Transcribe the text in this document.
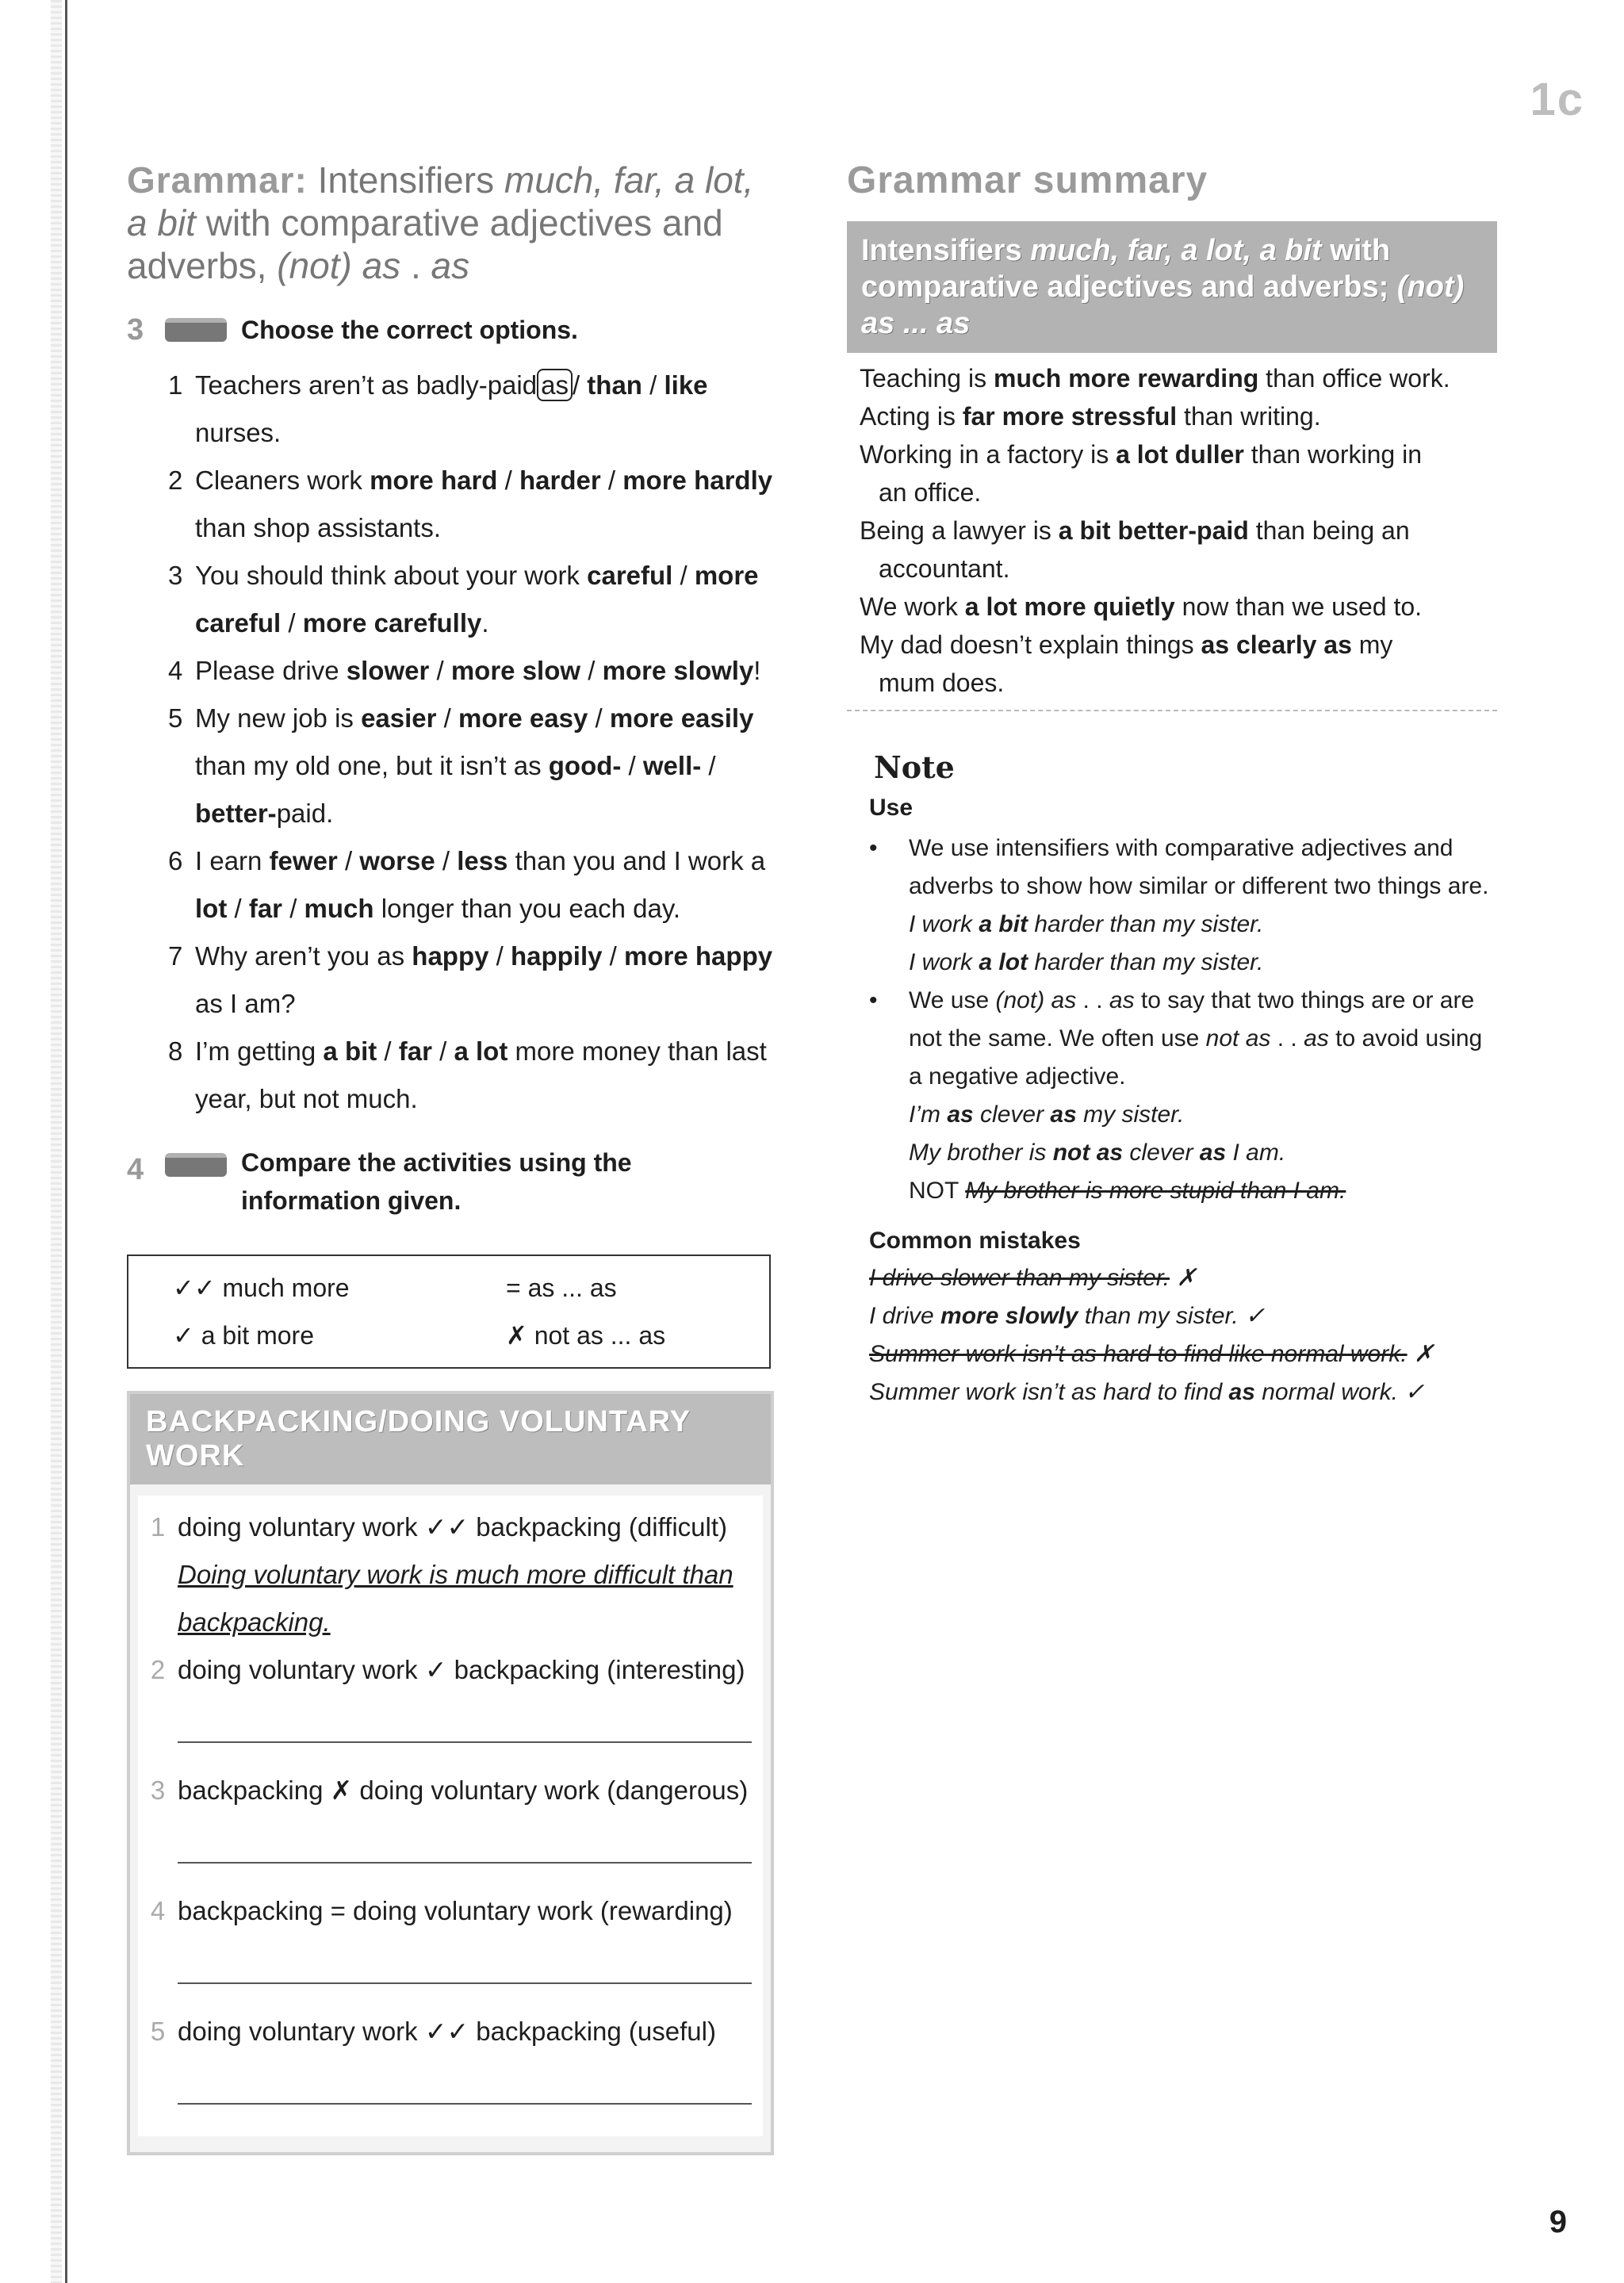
1c
Grammar: Intensifiers much, far, a lot,
a bit with comparative adjectives and adverbs, (not) as . as
3	Choose the correct options.
1 Teachers aren’t as badly-paid as / than / like nurses.
2 Cleaners work more hard / harder / more hardly than shop assistants.
3 You should think about your work careful / more careful / more carefully.
4 Please drive slower / more slow / more slowly!
5 My new job is easier / more easy / more easily than my old one, but it isn’t as good- / well- / better-paid.
6 I earn fewer / worse / less than you and I work a lot / far / much longer than you each day.
7 Why aren’t you as happy / happily / more happy as I am?
8 I’m getting a bit / far / a lot more money than last year, but not much.
4	Compare the activities using the information given.
✓✓ much more	= as ... as
✓ a bit more	✗ not as ... as
BACKPACKING/DOING VOLUNTARY WORK
1 doing voluntary work ✓✓ backpacking (difficult)
Doing voluntary work is much more difficult than backpacking.
2 doing voluntary work ✓ backpacking (interesting)
3 backpacking ✗ doing voluntary work (dangerous)
4 backpacking = doing voluntary work (rewarding)
5 doing voluntary work ✓✓ backpacking (useful)
Grammar summary
Intensifiers much, far, a lot, a bit with comparative adjectives and adverbs; (not) as ... as

Teaching is much more rewarding than office work.

Acting is far more stressful than writing.

Working in a factory is a lot duller than working in

an office.

Being a lawyer is a bit better-paid than being an

accountant.

We work a lot more quietly now than we used to.

My dad doesn’t explain things as clearly as my

mum does.

Note
Use
•	We use intensifiers with comparative adjectives and adverbs to show how similar or different two things are.
I work a bit harder than my sister.
I work a lot harder than my sister.
•	We use (not) as . . as to say that two things are or are not the same. We often use not as . . as to avoid using a negative adjective.
I’m as clever as my sister.
My brother is not as clever as I am.
NOT My brother is more stupid than I am.
Common mistakes
I drive slower than my sister. ✗
I drive more slowly than my sister. ✓
Summer work isn’t as hard to find like normal work. ✗
Summer work isn’t as hard to find as normal work. ✓
9
